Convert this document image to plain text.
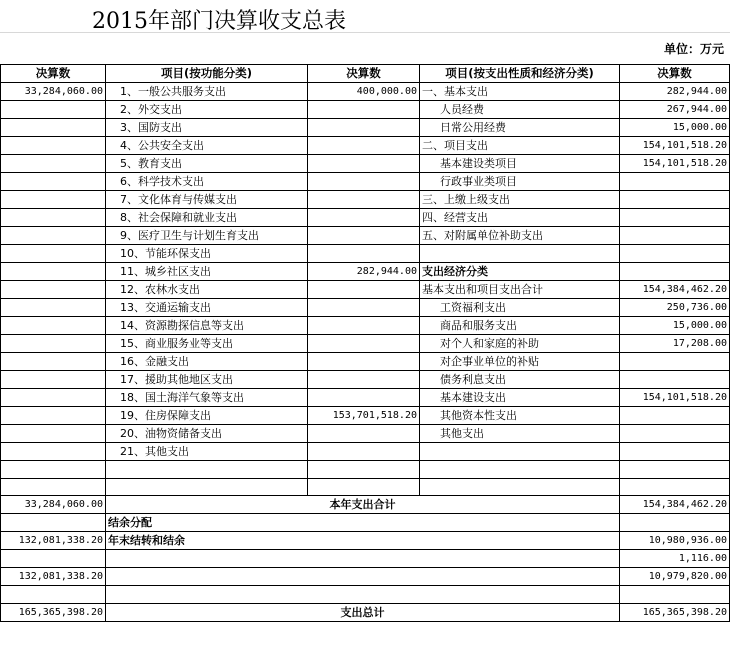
2015年部门决算收支总表
单位：万元
决算数	项目(按功能分类)	决算数	项目(按支出性质和经济分类)	决算数
33,284,060.00	1、一般公共服务支出	400,000.00	一、基本支出	282,944.00
	2、外交支出		人员经费	267,944.00
	3、国防支出		日常公用经费	15,000.00
	4、公共安全支出		二、项目支出	154,101,518.20
	5、教育支出		基本建设类项目	154,101,518.20
	6、科学技术支出		行政事业类项目	
	7、文化体育与传媒支出		三、上缴上级支出	
	8、社会保障和就业支出		四、经营支出	
	9、医疗卫生与计划生育支出		五、对附属单位补助支出	
	10、节能环保支出			
	11、城乡社区支出	282,944.00	支出经济分类	
	12、农林水支出		基本支出和项目支出合计	154,384,462.20
	13、交通运输支出		工资福利支出	250,736.00
	14、资源勘探信息等支出		商品和服务支出	15,000.00
	15、商业服务业等支出		对个人和家庭的补助	17,208.00
	16、金融支出		对企事业单位的补贴	
	17、援助其他地区支出		债务利息支出	
	18、国土海洋气象等支出		基本建设支出	154,101,518.20
	19、住房保障支出	153,701,518.20	其他资本性支出	
	20、油物资储备支出		其他支出	
	21、其他支出			

33,284,060.00	本年支出合计			154,384,462.20
	结余分配			
132,081,338.20	年末结转和结余			10,980,936.00
				1,116.00
132,081,338.20				10,979,820.00

165,365,398.20	支出总计			165,365,398.20
